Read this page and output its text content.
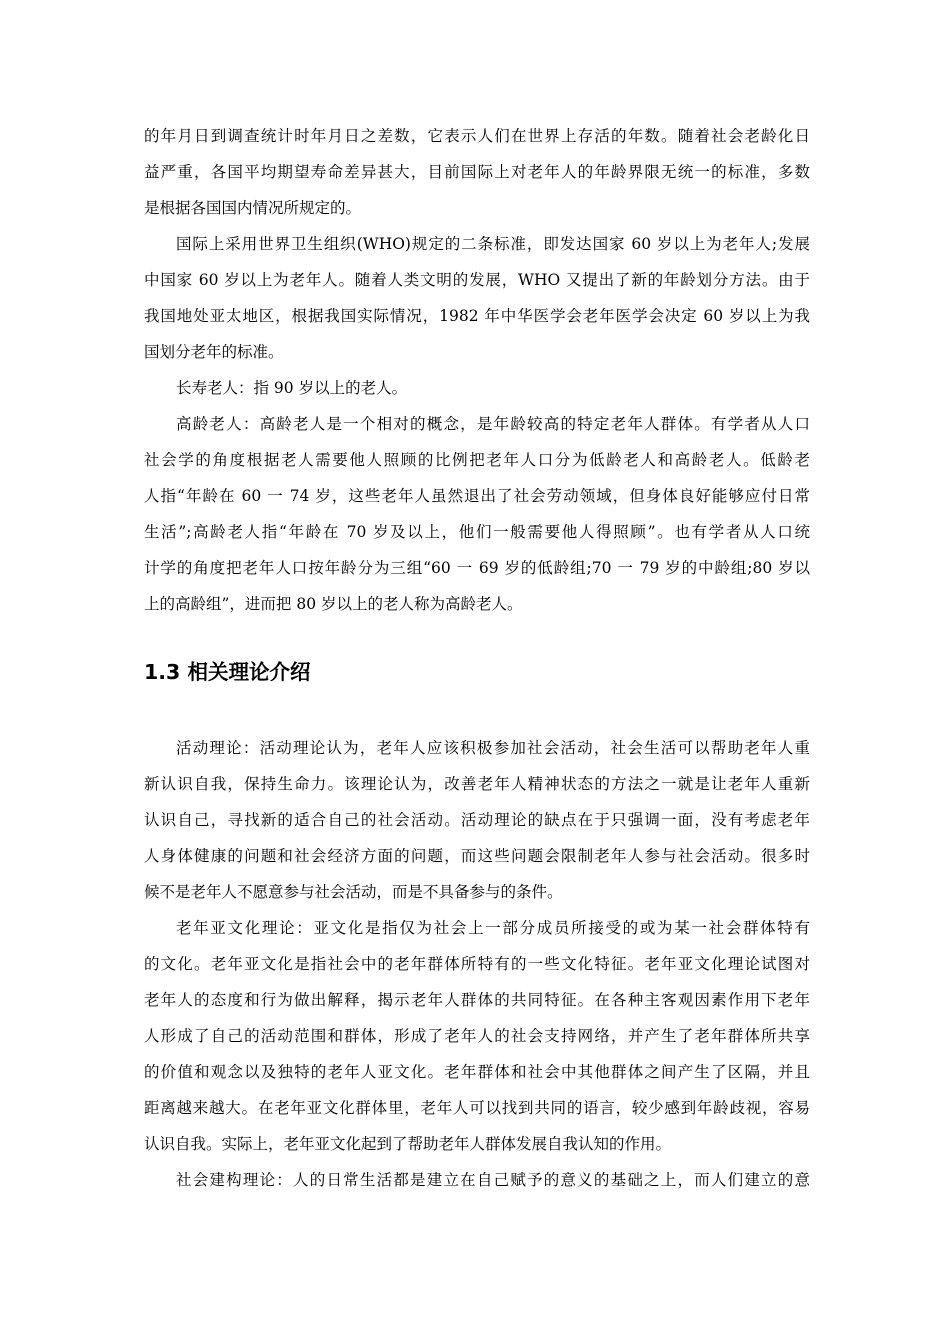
的年月日到调查统计时年月日之差数，它表示人们在世界上存活的年数。随着社会老龄化日
益严重，各国平均期望寿命差异甚大，目前国际上对老年人的年龄界限无统一的标准，多数
是根据各国国内情况所规定的。
国际上采用世界卫生组织(WHO)规定的二条标准，即发达国家 60 岁以上为老年人;发展
中国家 60 岁以上为老年人。随着人类文明的发展，WHO 又提出了新的年龄划分方法。由于
我国地处亚太地区，根据我国实际情况，1982 年中华医学会老年医学会决定 60 岁以上为我
国划分老年的标准。
长寿老人：指 90 岁以上的老人。
高龄老人：高龄老人是一个相对的概念，是年龄较高的特定老年人群体。有学者从人口
社会学的角度根据老人需要他人照顾的比例把老年人口分为低龄老人和高龄老人。低龄老
人指“年龄在 60 一 74 岁，这些老年人虽然退出了社会劳动领域，但身体良好能够应付日常
生活”;高龄老人指“年龄在 70 岁及以上，他们一般需要他人得照顾”。也有学者从人口统
计学的角度把老年人口按年龄分为三组“60 一 69 岁的低龄组;70 一 79 岁的中龄组;80 岁以
上的高龄组”，进而把 80 岁以上的老人称为高龄老人。
1.3 相关理论介绍
活动理论：活动理论认为，老年人应该积极参加社会活动，社会生活可以帮助老年人重
新认识自我，保持生命力。该理论认为，改善老年人精神状态的方法之一就是让老年人重新
认识自己，寻找新的适合自己的社会活动。活动理论的缺点在于只强调一面，没有考虑老年
人身体健康的问题和社会经济方面的问题，而这些问题会限制老年人参与社会活动。很多时
候不是老年人不愿意参与社会活动，而是不具备参与的条件。
老年亚文化理论：亚文化是指仅为社会上一部分成员所接受的或为某一社会群体特有
的文化。老年亚文化是指社会中的老年群体所特有的一些文化特征。老年亚文化理论试图对
老年人的态度和行为做出解释，揭示老年人群体的共同特征。在各种主客观因素作用下老年
人形成了自己的活动范围和群体，形成了老年人的社会支持网络，并产生了老年群体所共享
的价值和观念以及独特的老年人亚文化。老年群体和社会中其他群体之间产生了区隔，并且
距离越来越大。在老年亚文化群体里，老年人可以找到共同的语言，较少感到年龄歧视，容易
认识自我。实际上，老年亚文化起到了帮助老年人群体发展自我认知的作用。
社会建构理论：人的日常生活都是建立在自己赋予的意义的基础之上，而人们建立的意
